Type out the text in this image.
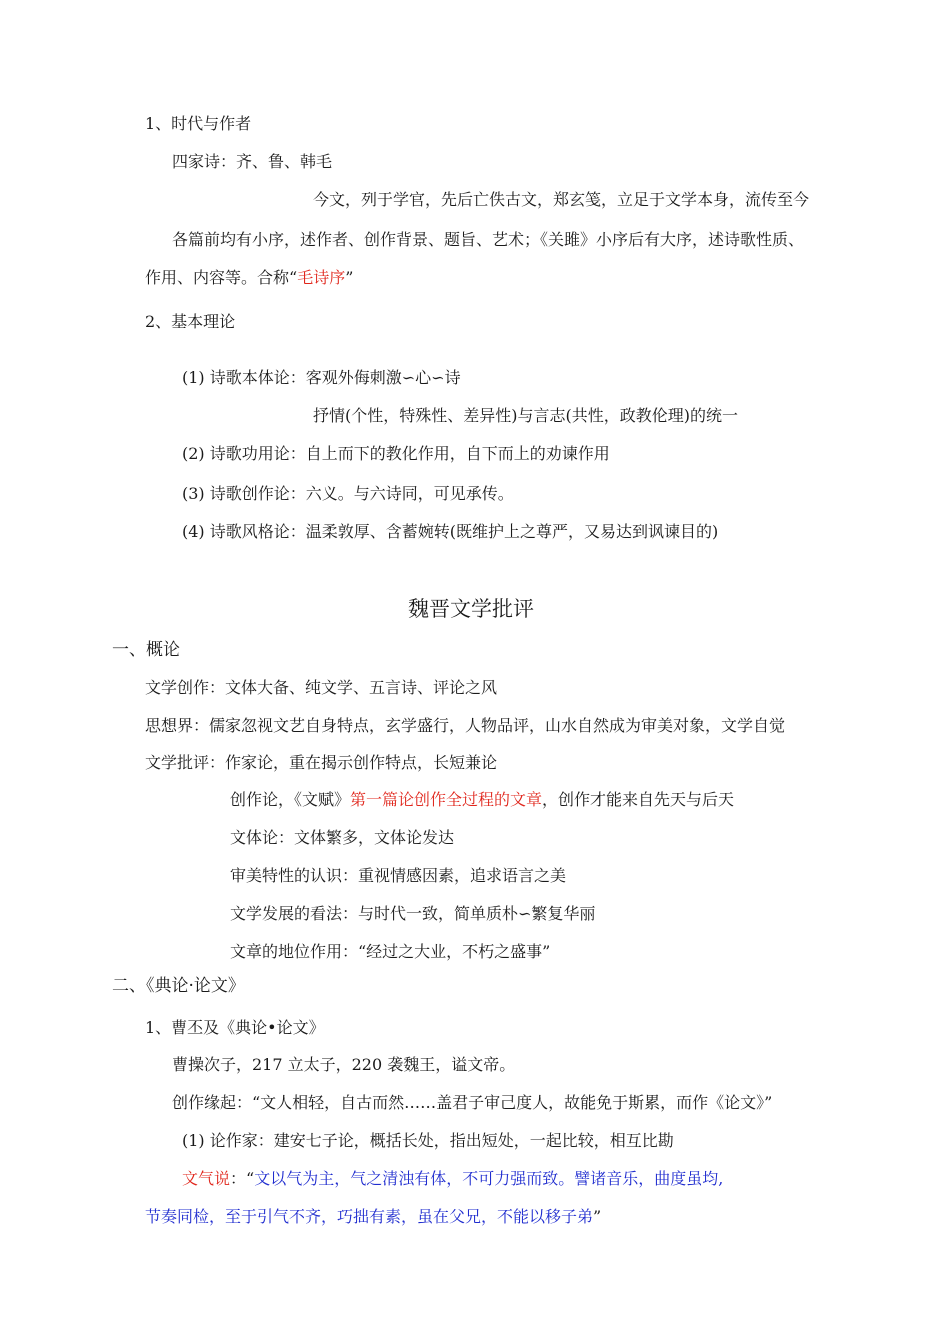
1、时代与作者
四家诗：齐、鲁、韩毛
今文，列于学官，先后亡佚古文，郑玄笺，立足于文学本身，流传至今
各篇前均有小序，述作者、创作背景、题旨、艺术；《关雎》小序后有大序，述诗歌性质、
作用、内容等。合称“毛诗序”
2、基本理论
(1) 诗歌本体论：客观外侮刺激∽心∽诗
抒情(个性，特殊性、差异性)与言志(共性，政教伦理)的统一
(2) 诗歌功用论：自上而下的教化作用，自下而上的劝谏作用
(3) 诗歌创作论：六义。与六诗同，可见承传。
(4) 诗歌风格论：温柔敦厚、含蓄婉转(既维护上之尊严，又易达到讽谏目的)
魏晋文学批评
一、概论
文学创作：文体大备、纯文学、五言诗、评论之风
思想界：儒家忽视文艺自身特点，玄学盛行，人物品评，山水自然成为审美对象，文学自觉
文学批评：作家论，重在揭示创作特点，长短兼论
创作论，《文赋》第一篇论创作全过程的文章，创作才能来自先天与后天
文体论：文体繁多，文体论发达
审美特性的认识：重视情感因素，追求语言之美
文学发展的看法：与时代一致，简单质朴∽繁复华丽
文章的地位作用：“经过之大业，不朽之盛事”
二、《典论·论文》
1、曹丕及《典论•论文》
曹操次子，217 立太子，220 袭魏王，谥文帝。
创作缘起：“文人相轻，自古而然……盖君子审己度人，故能免于斯累，而作《论文》”
(1) 论作家：建安七子论，概括长处，指出短处，一起比较，相互比勘
文气说：“文以气为主，气之清浊有体，不可力强而致。譬诸音乐，曲度虽均,
节奏同检，至于引气不齐，巧拙有素，虽在父兄，不能以移子弟”
